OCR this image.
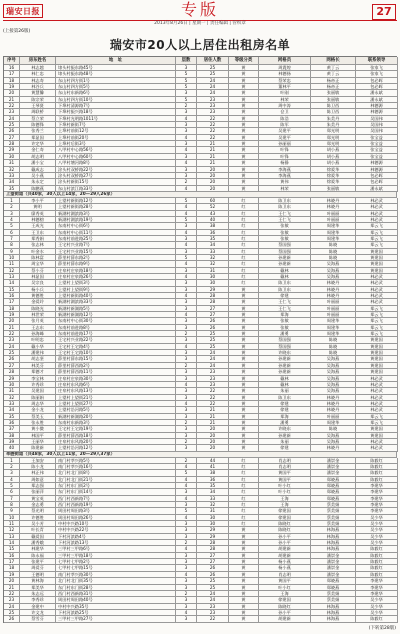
瑞安日报	专版	27
2013年8月26日 | 星期一 | 责任编辑 | 管织章
(上接第26版)
瑞安市20人以上居住出租房名单
序号	房东姓名	地　址	层数	居住人数	等级分类	网格员	网格长	联系领导
16	林志越	埭头村振东路45号	3	25	黄	周震煌	黄丁云	张家飞
17	林仁忠	埭头村振东路48号	5	25	黄	林德扬	黄丁云	张家飞
18	林志寿	东山村四方街1号	5	24	黄	蔡荣忠	杨帝正	包必晖
19	林谷兵	东山村四方街5号	5	24	黄	董林平	杨帝正	包必晖
20	黄慧馨	东山村东新路6号	3	24	黄	叶刚	张丽敏	潘永斌
21	陈宗荣	东山村四方街10号	5	23	黄	林荣	张丽敏	潘永斌
22	王琴贤	下埠村清源路7号	2	23	黄	周中涛	陈卫西	林德源
23	周联桥	下埠村振兴路18号	3	23	黄	仓卫	陈卫西	林德源
24	蔡立荣	下埠村光明路1011号	4	22	黄	陈浩	朱美丹	吴国伟
25	陈德锋	下埠村新街7号	3	22	黄	陈军	朱美丹	吴国伟
26	张秀兰	上埠村前街12号	3	22	黄	吴建平	郑光明	吴国伟
27	郑显国	上埠村前街20号	4	22	黄	吴建平	郑光明	张宝益
28	许定华	上埠村后街3号	3	21	黄	孙丽丽	郑光明	张宝益
29	金仁寿	八甲村中心路56号	4	21	黄	叶锋	胡小燕	张宝益
30	胡志明	八甲村中心路60号	3	21	黄	叶锋	胡小燕	张宝益
31	潘小宝	八甲村塘河路8号	4	21	黄	杨静	胡小燕	林德源
32	戴成志	涂头村双桥路22号	3	20	黄	李海燕	徐爱华	林德源
33	吴小燕	涂头村双桥路27号	3	20	黄	李海燕	徐爱华	包必晖
34	朱永定	涂头村新街15号	2	20	黄	黄伟	徐爱华	包必晖
35	陈鹏燕	东山村滨江路33号	4	20	黄	林荣	张丽敏	潘永斌
上望街道（共40家，30人以上14家，20—29人26家）
1	李小平	上望村新街路12号	5	60	红	陈卫东	林晓丹	林必武
2	黄明	上望村新街路28号	4	52	红	陈卫东	林晓丹	林必武
3	廖秀英	新湖村湖滨路3号	4	43	红	王仁飞	叶丽丽	林必武
4	林德榕	新湖村湖滨路19号	5	40	红	王仁飞	叶丽丽	林必武
5	王成光	东南村中心街6号	3	38	红	张敏	周建华	郑云飞
6	王卫东	东南村中心街11号	4	36	红	张敏	周建华	郑云飞
7	郑秀娟	东南村前进路25号	3	35	红	张敏	周建华	郑云飞
8	张志林	王宅村兴业路7号	4	34	红	蔡国强	陈晓	郑云飞
9	叶金水	王宅村兴业路15号	3	33	红	蔡国强	陈晓	黄建国
10	陈林富	薛里村薛东路2号	5	32	红	孙建新	陈晓	黄建国
11	周宝华	薛里村薛东路9号	4	32	红	孙建新	吴海燕	黄建国
12	蔡小芬	庄泉村庄泉路18号	3	31	红	戴林	吴海燕	黄建国
13	林显国	庄泉村庄泉路26号	4	30	红	戴林	吴海燕	林必武
14	吴宗良	上望村上望街3号	3	30	红	陈卫东	林晓丹	林必武
15	杨小兵	上望村上望街9号	3	29	黄	陈卫东	林晓丹	林必武
16	黄德胜	上望村新街路40号	4	28	黄	徐建	林晓丹	林必武
17	金爱玲	新湖村湖滨路33号	3	28	黄	王仁飞	叶丽丽	林必武
18	陈晓光	新湖村新湖路5号	3	27	黄	王仁飞	叶丽丽	郑云飞
19	林世荣	新湖村新湖路12号	4	27	黄	郑海	叶丽丽	郑云飞
20	张月英	东南村中心街30号	3	26	黄	张敏	周建华	郑云飞
21	王志东	东南村前进路8号	3	26	黄	张敏	周建华	郑云飞
22	孙海峰	东南村前进路17号	2	25	黄	潘勇	周建华	郑云飞
23	叶明忠	王宅村兴业路22号	3	25	黄	蔡国强	陈晓	黄建国
24	戴小华	王宅村王宅路4号	4	25	黄	蔡国强	陈晓	黄建国
25	潘建伟	王宅村王宅路10号	3	24	黄	许晓东	陈晓	黄建国
26	胡志坚	薛里村薛东路15号	3	24	黄	孙建新	吴海燕	黄建国
27	林美芬	薛里村薛西路2号	2	24	黄	孙建新	吴海燕	黄建国
28	郑德才	薛里村薛西路11号	3	23	黄	孙建新	吴海燕	黄建国
29	李宝林	庄泉村庄泉路30号	3	23	黄	戴林	吴海燕	林必武
30	许秀珍	庄泉村东风路6号	4	23	黄	戴林	吴海燕	林必武
31	吴建国	庄泉村东风路13号	3	22	黄	朱丽	吴海燕	林必武
32	陈丽娟	上望村上望街21号	3	22	黄	陈卫东	林晓丹	林必武
33	周志华	上望村上望街27号	4	22	黄	徐建	林晓丹	林必武
34	金小龙	上望村沿河路5号	3	21	黄	徐建	林晓丹	林必武
35	蔡美玉	新湖村新湖路20号	3	21	黄	郑海	叶丽丽	郑云飞
36	张永胜	东南村东新路3号	2	21	黄	潘勇	周建华	郑云飞
37	黄小微	王宅村王宅路19号	3	20	黄	许晓东	陈晓	黄建国
38	林国平	薛里村薛西路18号	3	20	黄	孙建新	吴海燕	黄建国
39	王丽华	庄泉村东风路20号	2	20	黄	朱丽	吴海燕	林必武
40	陈建新	上望村沿河路12号	3	20	黄	徐建	林晓丹	林必武
莘塍街道（共48家，30人以上11家，20—29人37家）
1	王加安	南门村莘兴路5号	2	44	红	肖志明	潘崇金	陈毅红
2	陈小龙	南门村莘兴路16号	4	41	红	肖志明	潘崇金	陈毅红
3	林正伟	北门村北门街8号	5	38	红	黄国平	潘崇金	陈毅红
4	周如意	北门村北门街21号	4	36	红	黄国平	郑晓燕	陈毅红
5	郑志强	东门村东门街2号	4	35	红	叶小红	郑晓燕	李建华
6	张丽萍	东门村东门街14号	3	34	红	叶小红	郑晓燕	李建华
7	黄宝英	西门村西新路7号	4	33	红	王海	郑晓燕	李建华
8	金志勇	西门村西新路19号	3	32	红	王海	蔡美娟	李建华
9	蔡光明	周田村周田路3号	5	31	红	徐建国	蔡美娟	李建华
10	许德胜	周田村周田路26号	4	30	红	徐建国	蔡美娟	吴少华
11	吴小芳	中村中兴路10号	3	30	红	陈晓红	蔡美娟	吴少华
12	叶长青	中村中兴路22号	3	29	黄	陈晓红	林海燕	吴少华
13	戴爱国	下村河滨路4号	3	29	黄	孙小平	林海燕	吴少华
14	潘秀娥	下村河滨路13号	2	28	黄	孙小平	林海燕	吴少华
15	林建华	三甲村三甲路6号	4	28	黄	胡建新	林海燕	陈毅红
16	陈永福	三甲村三甲路18号	3	27	黄	胡建新	潘崇金	陈毅红
17	张建平	七甲村七甲路2号	3	27	黄	杨小燕	潘崇金	陈毅红
18	周爱芬	七甲村七甲路15号	3	26	黄	杨小燕	潘崇金	陈毅红
19	王德明	南门村莘兴路30号	4	26	黄	肖志明	潘崇金	陈毅红
20	黄林海	北门村北门街35号	3	25	黄	黄国平	郑晓燕	李建华
21	郑美华	东门村东门街28号	3	25	黄	叶小红	郑晓燕	李建华
22	朱志远	西门村西新路31号	2	24	黄	王海	蔡美娟	李建华
23	李秀珍	周田村周田路40号	3	24	黄	徐建国	蔡美娟	吴少华
24	金建中	中村中兴路35号	3	23	黄	陈晓红	林海燕	吴少华
25	许文龙	下村河滨路25号	4	23	黄	孙小平	林海燕	吴少华
26	蔡雪芬	三甲村三甲路27号	3	22	黄	胡建新	林海燕	陈毅红
(下转第28版)
